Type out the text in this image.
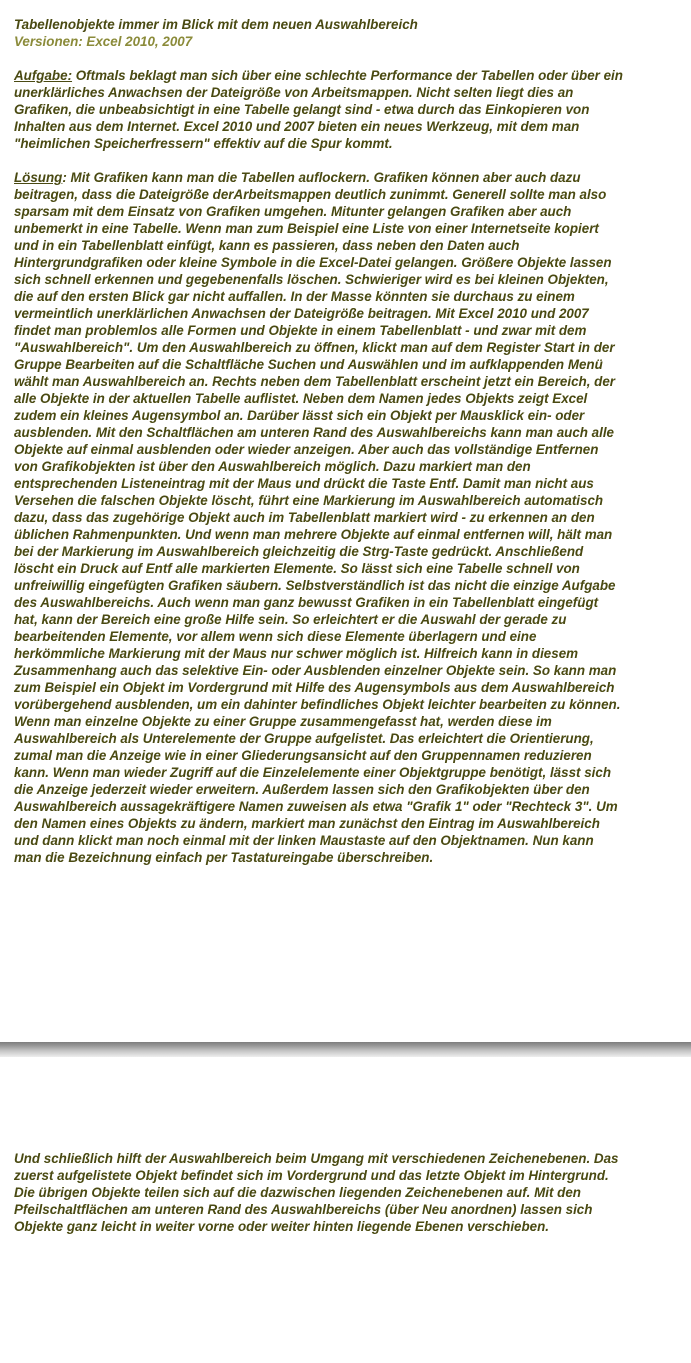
Tabellenobjekte immer im Blick mit dem neuen Auswahlbereich

Versionen: Excel 2010, 2007

Aufgabe: Oftmals beklagt man sich über eine schlechte Performance der Tabellen oder über ein unerklärliches Anwachsen der Dateigröße von Arbeitsmappen. Nicht selten liegt dies an Grafiken, die unbeabsichtigt in eine Tabelle gelangt sind - etwa durch das Einkopieren von Inhalten aus dem Internet. Excel 2010 und 2007 bieten ein neues Werkzeug, mit dem man "heimlichen Speicherfressern" effektiv auf die Spur kommt.

Lösung: Mit Grafiken kann man die Tabellen auflockern. Grafiken können aber auch dazu beitragen, dass die Dateigröße derArbeitsmappen deutlich zunimmt. Generell sollte man also sparsam mit dem Einsatz von Grafiken umgehen. Mitunter gelangen Grafiken aber auch unbemerkt in eine Tabelle. Wenn man zum Beispiel eine Liste von einer Internetseite kopiert und in ein Tabellenblatt einfügt, kann es passieren, dass neben den Daten auch Hintergrundgrafiken oder kleine Symbole in die Excel-Datei gelangen. Größere Objekte lassen sich schnell erkennen und gegebenenfalls löschen. Schwieriger wird es bei kleinen Objekten, die auf den ersten Blick gar nicht auffallen. In der Masse könnten sie durchaus zu einem vermeintlich unerklärlichen Anwachsen der Dateigröße beitragen. Mit Excel 2010 und 2007 findet man problemlos alle Formen und Objekte in einem Tabellenblatt - und zwar mit dem "Auswahlbereich". Um den Auswahlbereich zu öffnen, klickt man auf dem Register Start in der Gruppe Bearbeiten auf die Schaltfläche Suchen und Auswählen und im aufklappenden Menü wählt man Auswahlbereich an. Rechts neben dem Tabellenblatt erscheint jetzt ein Bereich, der alle Objekte in der aktuellen Tabelle auflistet. Neben dem Namen jedes Objekts zeigt Excel zudem ein kleines Augensymbol an. Darüber lässt sich ein Objekt per Mausklick ein- oder ausblenden. Mit den Schaltflächen am unteren Rand des Auswahlbereichs kann man auch alle Objekte auf einmal ausblenden oder wieder anzeigen. Aber auch das vollständige Entfernen von Grafikobjekten ist über den Auswahlbereich möglich. Dazu markiert man den entsprechenden Listeneintrag mit der Maus und drückt die Taste Entf. Damit man nicht aus Versehen die falschen Objekte löscht, führt eine Markierung im Auswahlbereich automatisch dazu, dass das zugehörige Objekt auch im Tabellenblatt markiert wird - zu erkennen an den üblichen Rahmenpunkten. Und wenn man mehrere Objekte auf einmal entfernen will, hält man bei der Markierung im Auswahlbereich gleichzeitig die Strg-Taste gedrückt. Anschließend löscht ein Druck auf Entf alle markierten Elemente. So lässt sich eine Tabelle schnell von unfreiwillig eingefügten Grafiken säubern. Selbstverständlich ist das nicht die einzige Aufgabe des Auswahlbereichs. Auch wenn man ganz bewusst Grafiken in ein Tabellenblatt eingefügt hat, kann der Bereich eine große Hilfe sein. So erleichtert er die Auswahl der gerade zu bearbeitenden Elemente, vor allem wenn sich diese Elemente überlagern und eine herkömmliche Markierung mit der Maus nur schwer möglich ist. Hilfreich kann in diesem Zusammenhang auch das selektive Ein- oder Ausblenden einzelner Objekte sein. So kann man zum Beispiel ein Objekt im Vordergrund mit Hilfe des Augensymbols aus dem Auswahlbereich vorübergehend ausblenden, um ein dahinter befindliches Objekt leichter bearbeiten zu können. Wenn man einzelne Objekte zu einer Gruppe zusammengefasst hat, werden diese im Auswahlbereich als Unterelemente der Gruppe aufgelistet. Das erleichtert die Orientierung, zumal man die Anzeige wie in einer Gliederungsansicht auf den Gruppennamen reduzieren kann. Wenn man wieder Zugriff auf die Einzelelemente einer Objektgruppe benötigt, lässt sich die Anzeige jederzeit wieder erweitern. Außerdem lassen sich den Grafikobjekten über den Auswahlbereich aussagekräftigere Namen zuweisen als etwa "Grafik 1" oder "Rechteck 3". Um den Namen eines Objekts zu ändern, markiert man zunächst den Eintrag im Auswahlbereich und dann klickt man noch einmal mit der linken Maustaste auf den Objektnamen. Nun kann man die Bezeichnung einfach per Tastatureingabe überschreiben.

Und schließlich hilft der Auswahlbereich beim Umgang mit verschiedenen Zeichenebenen. Das zuerst aufgelistete Objekt befindet sich im Vordergrund und das letzte Objekt im Hintergrund. Die übrigen Objekte teilen sich auf die dazwischen liegenden Zeichenebenen auf. Mit den Pfeilschaltflächen am unteren Rand des Auswahlbereichs (über Neu anordnen) lassen sich Objekte ganz leicht in weiter vorne oder weiter hinten liegende Ebenen verschieben.
